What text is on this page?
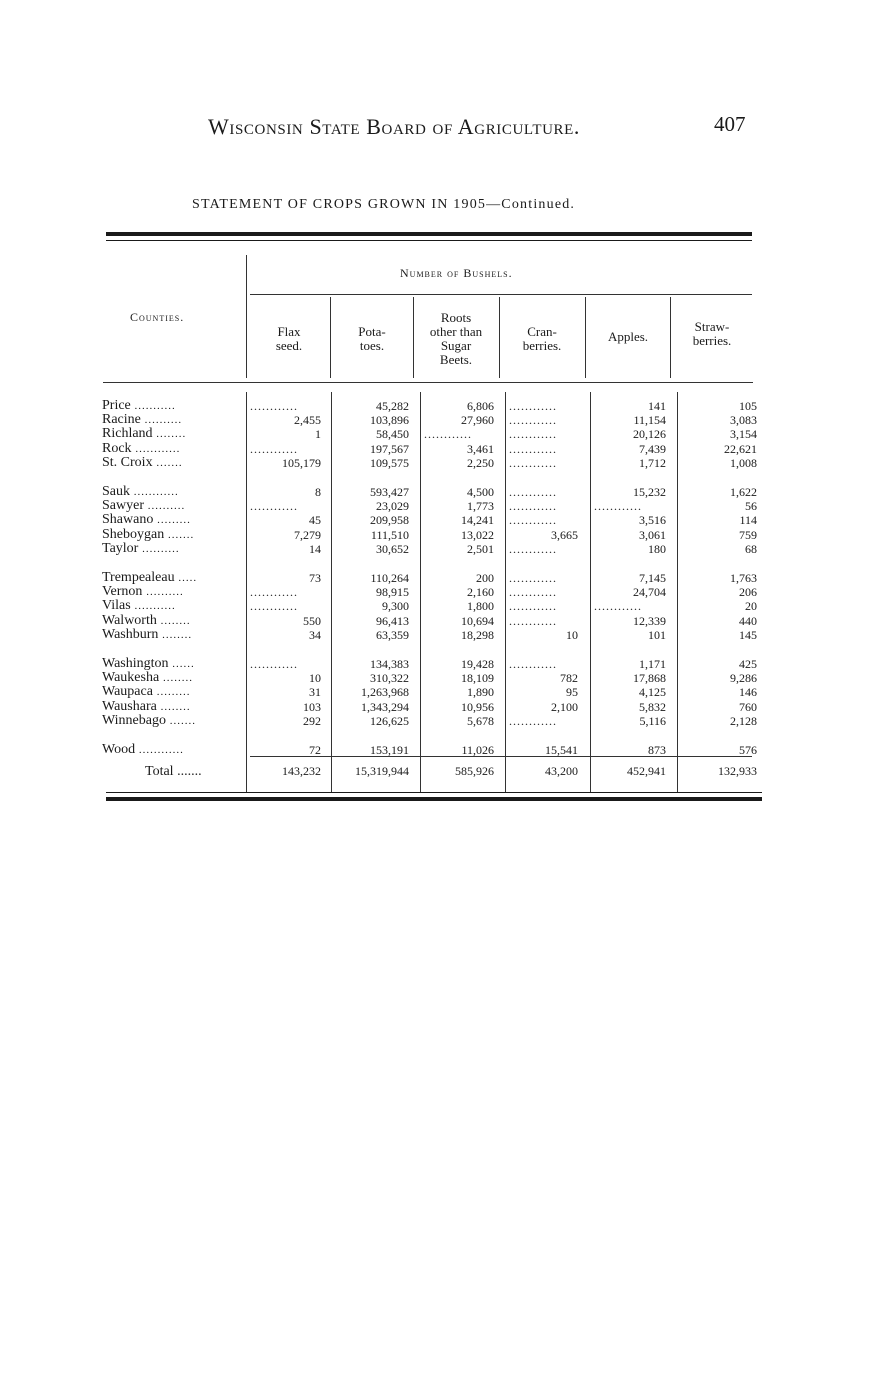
Wisconsin State Board of Agriculture.	407
STATEMENT OF CROPS GROWN IN 1905—Continued.
Counties.
Number of Bushels.
Flax
seed.
Pota-
toes.
Roots
other than
Sugar
Beets.
Cran-
berries.
Apples.
Straw-
berries.
Price ...........	............	45,282	6,806 ............	141	105
Racine ..........	2,455	103,896	27,960 ............	11,154	3,083
Richland ........	1	58,450 ............	............	20,126	3,154
Rock ............	............	197,567	3,461 ............	7,439	22,621
St. Croix .......	105,179	109,575	2,250 ............	1,712	1,008
Sauk ............	8	593,427	4,500 ............	15,232	1,622
Sawyer ..........	............	23,029	1,773 ............	............	56
Shawano .........	45	209,958	14,241 ............	3,516	114
Sheboygan .......	7,279	111,510	13,022	3,665	3,061	759
Taylor ..........	14	30,652	2,501 ............	180	68
Trempealeau .....	73	110,264	200 ............	7,145	1,763
Vernon ..........	............	98,915	2,160 ............	24,704	206
Vilas ...........	............	9,300	1,800 ............	............	20
Walworth ........	550	96,413	10,694 ............	12,339	440
Washburn ........	34	63,359	18,298	10	101	145
Washington ......	............	134,383	19,428 ............	1,171	425
Waukesha ........	10	310,322	18,109	782	17,868	9,286
Waupaca .........	31	1,263,968	1,890	95	4,125	146
Waushara ........	103	1,343,294	10,956	2,100	5,832	760
Winnebago .......	292	126,625	5,678 ............	5,116	2,128
Wood ............	72	153,191	11,026	15,541	873	576
Total .......	143,232	15,319,944	585,926	43,200	452,941	132,933
